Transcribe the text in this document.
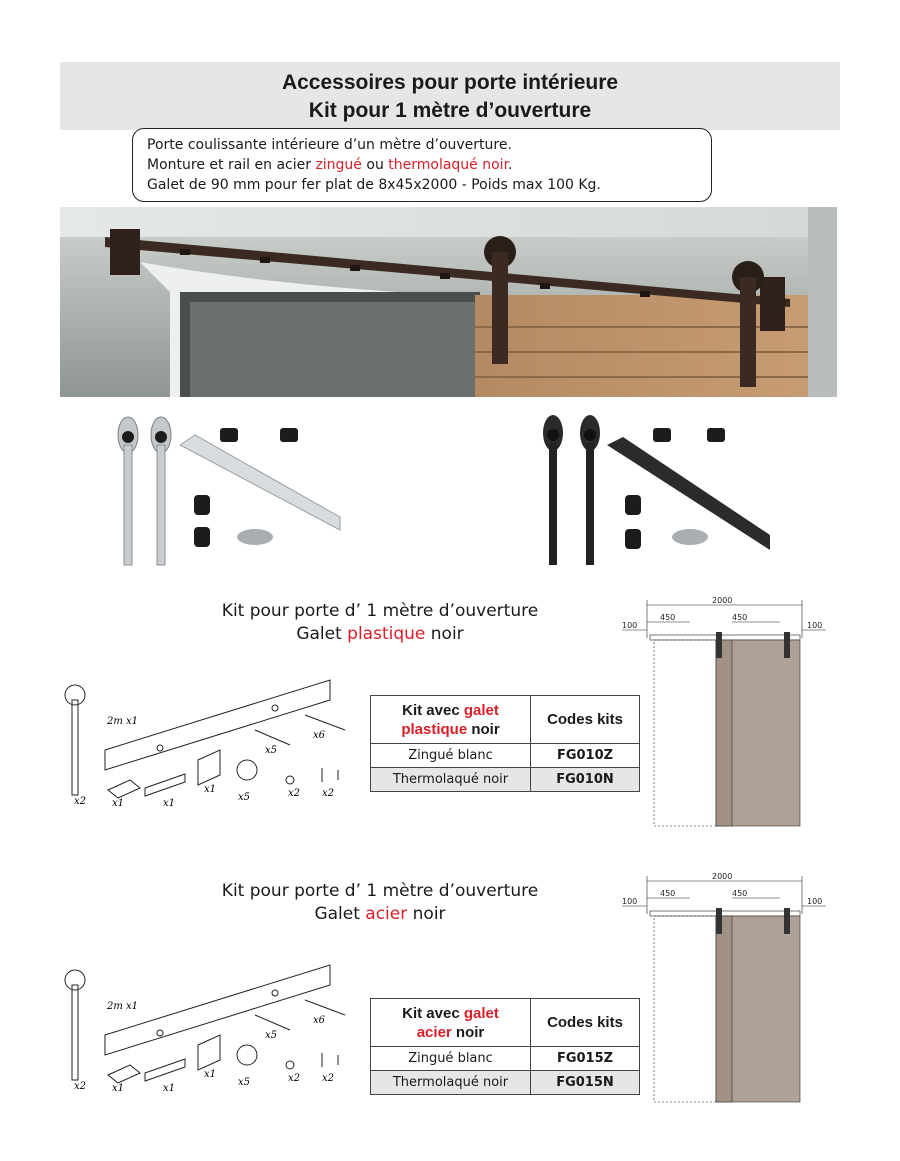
Accessoires pour porte intérieure
Kit pour 1 mètre d’ouverture
Porte coulissante intérieure d’un mètre d’ouverture.
Monture et rail en acier zingué ou thermolaqué noir.
Galet de 90 mm pour fer plat de 8x45x2000 - Poids max 100 Kg.
Kit pour porte d’ 1 mètre d’ouverture
Galet plastique noir
2m x1
x2	x1	x1
x1
x5
x5
x6
x2 x2
Kit avec galet plastique noir	Codes kits
Zingué blanc	FG010Z
Thermolaqué noir	FG010N
2000
450	450
100	100
Kit pour porte d’ 1 mètre d’ouverture
Galet acier noir
2m x1
x2	x1	x1
x1
x5
x5
x6
x2 x2
Kit avec galet
acier noir	Codes kits
Zingué blanc	FG015Z
Thermolaqué noir	FG015N
2000
450	450
100	100
